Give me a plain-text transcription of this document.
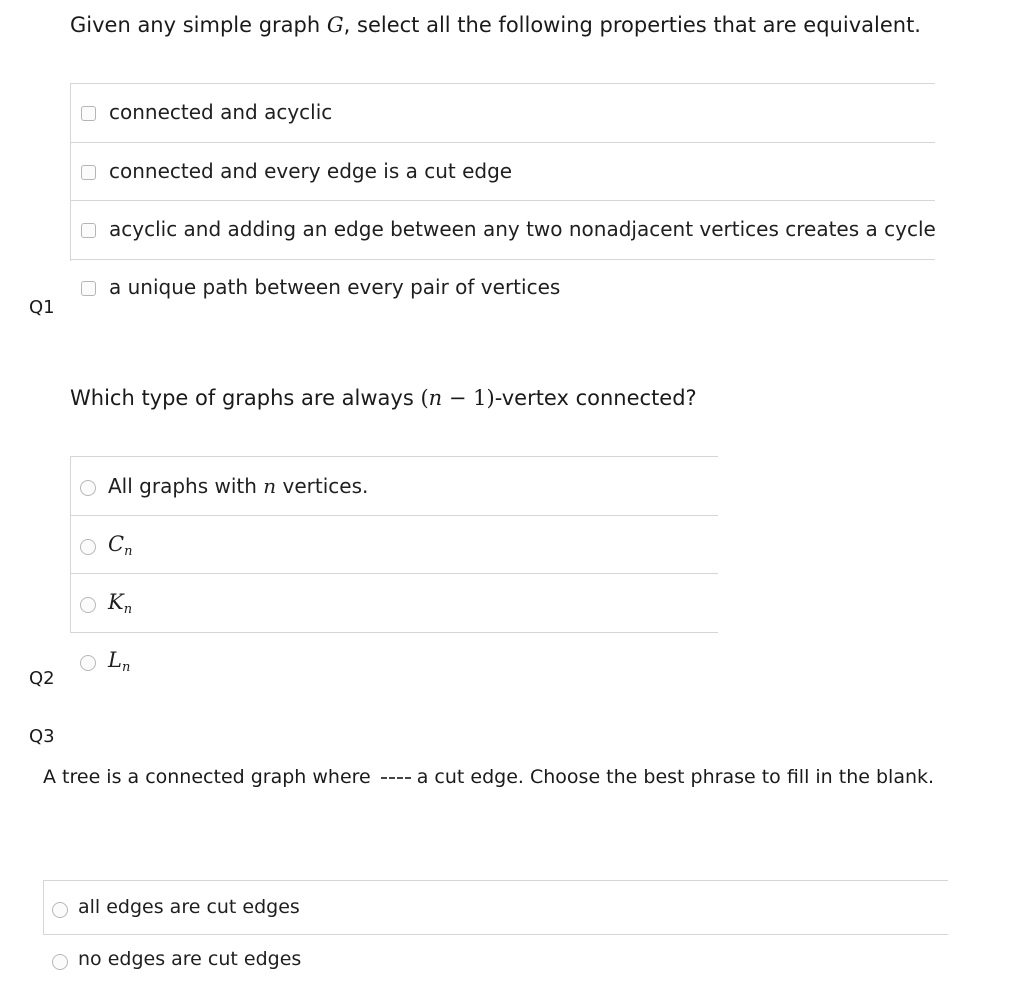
Given any simple graph G, select all the following properties that are equivalent.
connected and acyclic
connected and every edge is a cut edge
acyclic and adding an edge between any two nonadjacent vertices creates a cycle
a unique path between every pair of vertices
Q1
Which type of graphs are always (n − 1)-vertex connected?
All graphs with n vertices.
Cn
Kn
Ln
Q2
Q3
A tree is a connected graph where a cut edge. Choose the best phrase to fill in the blank.
all edges are cut edges
no edges are cut edges
